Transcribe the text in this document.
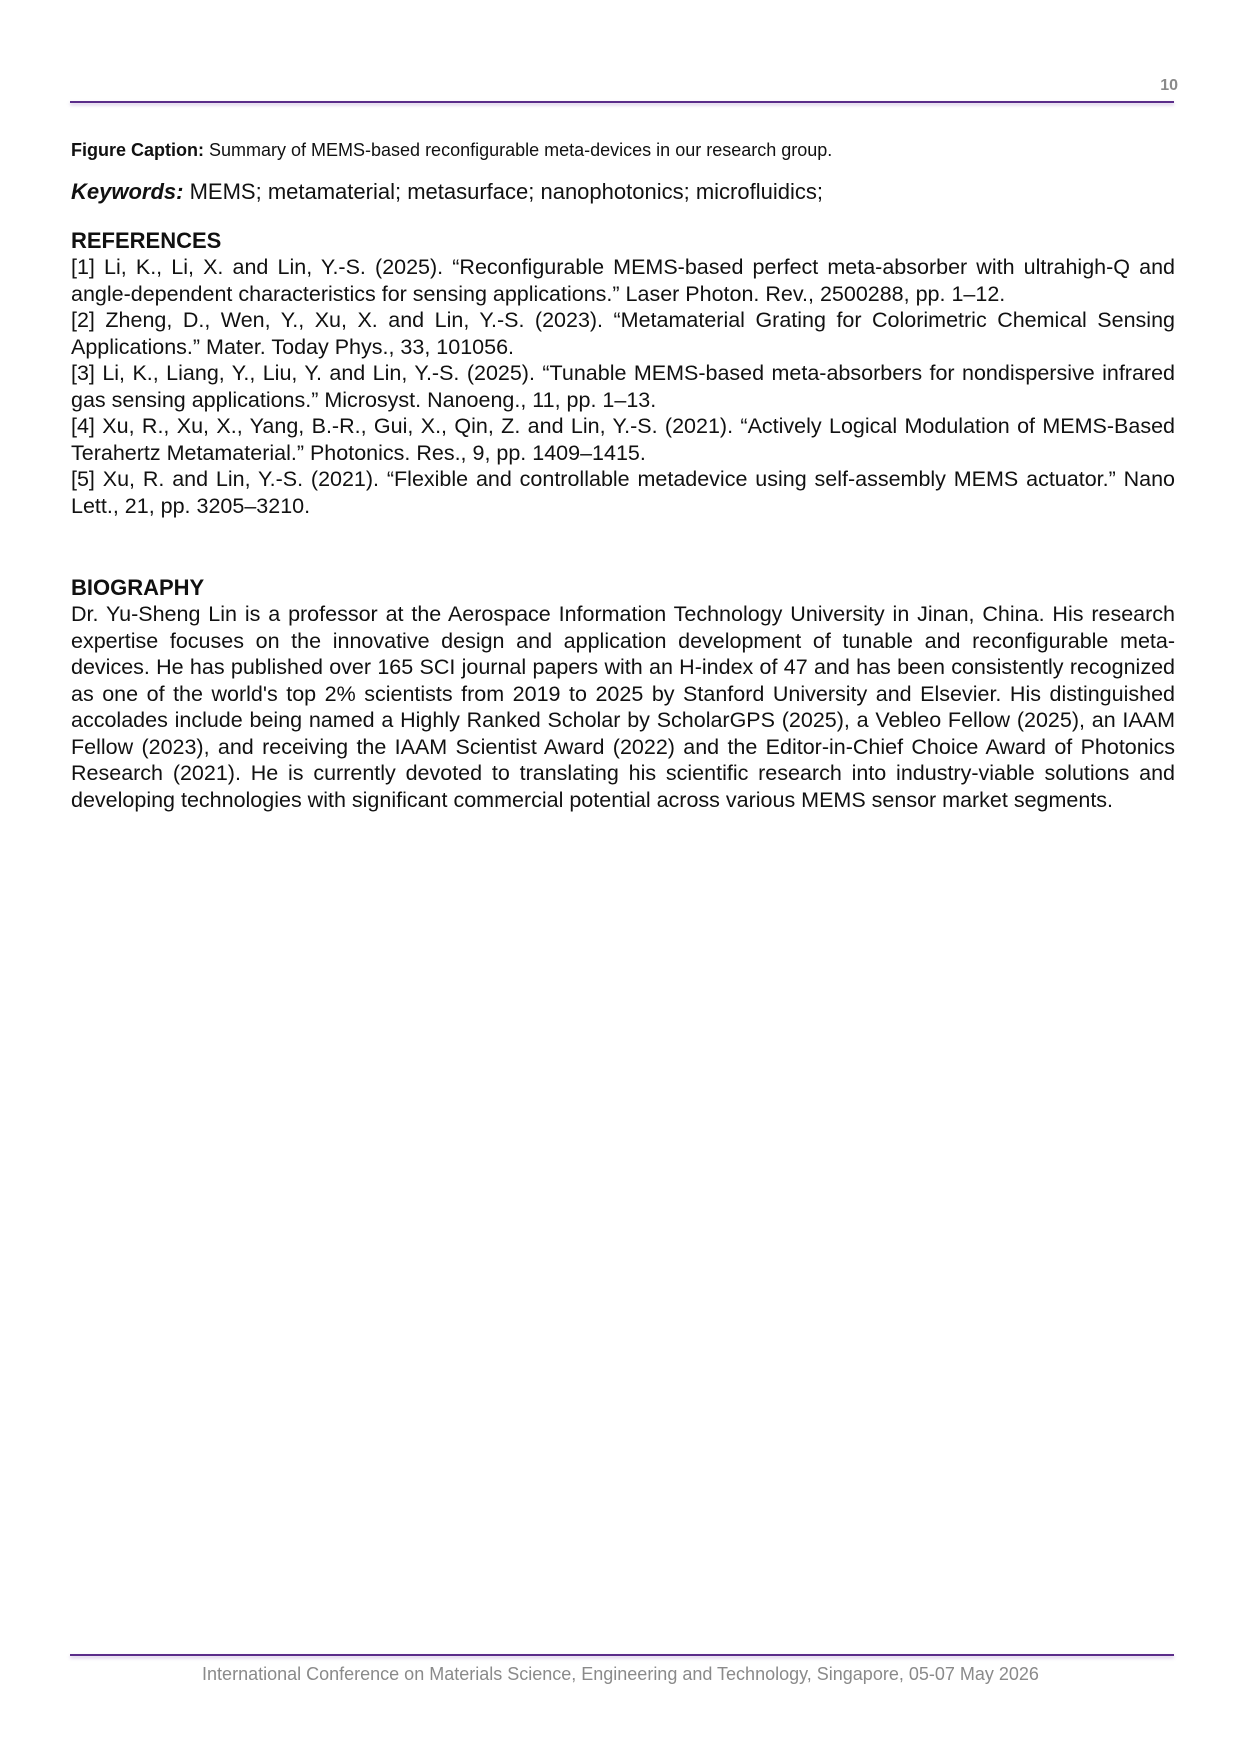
10

Figure Caption: Summary of MEMS-based reconfigurable meta-devices in our research group.

Keywords: MEMS; metamaterial; metasurface; nanophotonics; microfluidics;

REFERENCES
[1] Li, K., Li, X. and Lin, Y.-S. (2025). “Reconfigurable MEMS-based perfect meta-absorber with ultrahigh-Q and angle-dependent characteristics for sensing applications.” Laser Photon. Rev., 2500288, pp. 1–12.
[2] Zheng, D., Wen, Y., Xu, X. and Lin, Y.-S. (2023). “Metamaterial Grating for Colorimetric Chemical Sensing Applications.” Mater. Today Phys., 33, 101056.
[3] Li, K., Liang, Y., Liu, Y. and Lin, Y.-S. (2025). “Tunable MEMS-based meta-absorbers for nondispersive infrared gas sensing applications.” Microsyst. Nanoeng., 11, pp. 1–13.
[4] Xu, R., Xu, X., Yang, B.-R., Gui, X., Qin, Z. and Lin, Y.-S. (2021). “Actively Logical Modulation of MEMS-Based Terahertz Metamaterial.” Photonics. Res., 9, pp. 1409–1415.
[5] Xu, R. and Lin, Y.-S. (2021). “Flexible and controllable metadevice using self-assembly MEMS actuator.” Nano Lett., 21, pp. 3205–3210.
BIOGRAPHY

Dr. Yu-Sheng Lin is a professor at the Aerospace Information Technology University in Jinan, China. His research expertise focuses on the innovative design and application development of tunable and reconfigurable meta-devices. He has published over 165 SCI journal papers with an H-index of 47 and has been consistently recognized as one of the world's top 2% scientists from 2019 to 2025 by Stanford University and Elsevier. His distinguished accolades include being named a Highly Ranked Scholar by ScholarGPS (2025), a Vebleo Fellow (2025), an IAAM Fellow (2023), and receiving the IAAM Scientist Award (2022) and the Editor-in-Chief Choice Award of Photonics Research (2021). He is currently devoted to translating his scientific research into industry-viable solutions and developing technologies with significant commercial potential across various MEMS sensor market segments.

International Conference on Materials Science, Engineering and Technology, Singapore, 05-07 May 2026
